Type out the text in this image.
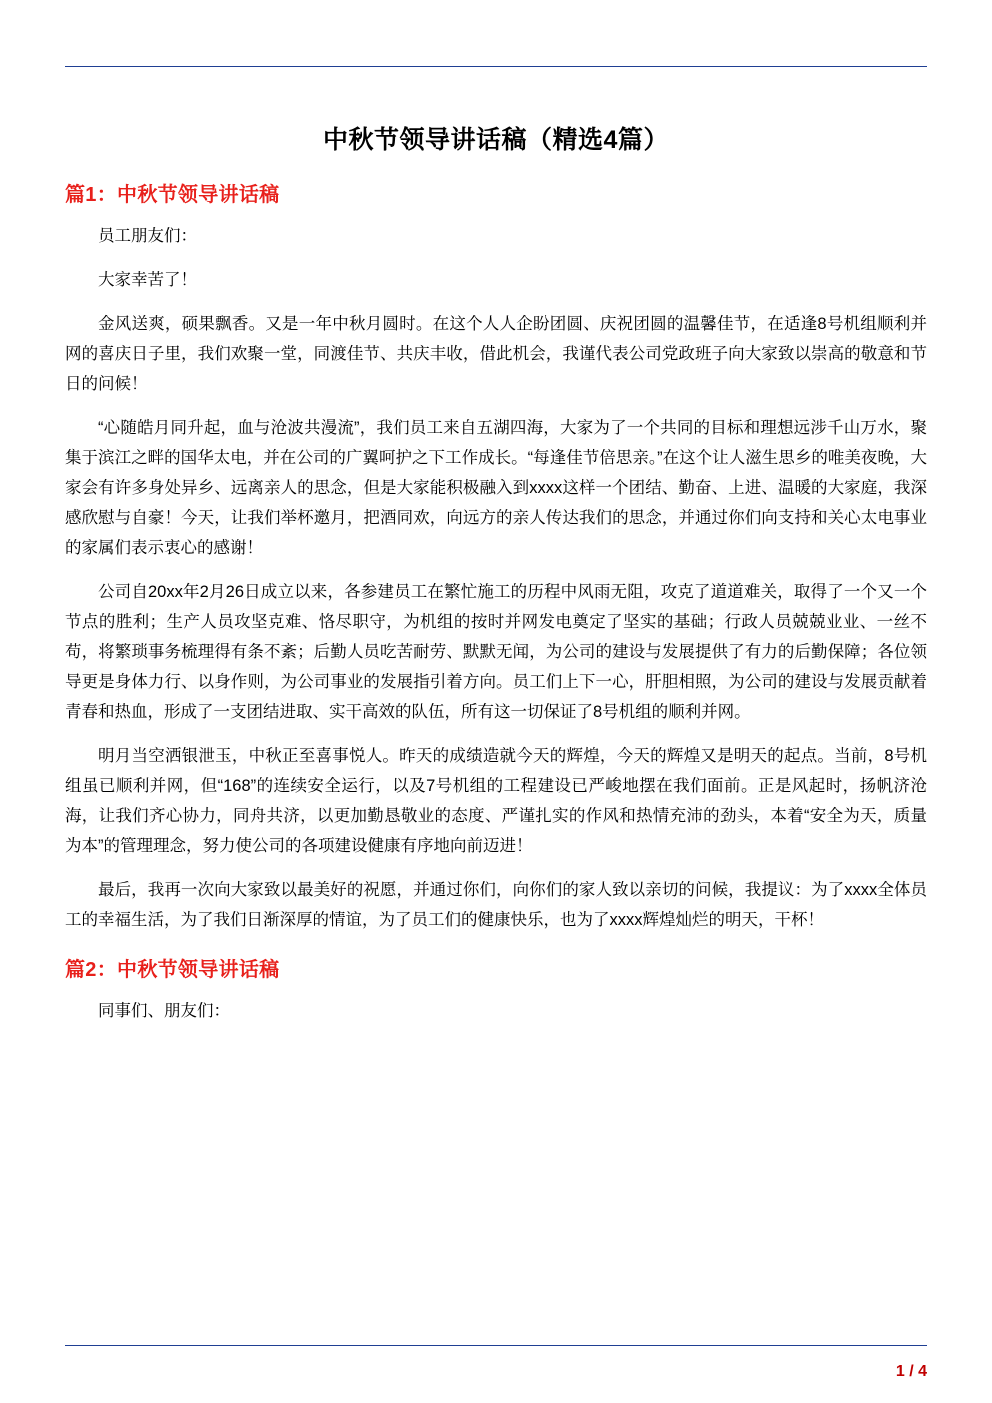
中秋节领导讲话稿（精选4篇）
篇1：中秋节领导讲话稿

员工朋友们：

大家幸苦了！

金风送爽，硕果飘香。又是一年中秋月圆时。在这个人人企盼团圆、庆祝团圆的温馨佳节，在适逢8号机组顺利并网的喜庆日子里，我们欢聚一堂，同渡佳节、共庆丰收，借此机会，我谨代表公司党政班子向大家致以崇高的敬意和节日的问候！

“心随皓月同升起，血与沧波共漫流”，我们员工来自五湖四海，大家为了一个共同的目标和理想远涉千山万水，聚集于滨江之畔的国华太电，并在公司的广翼呵护之下工作成长。“每逢佳节倍思亲。”在这个让人滋生思乡的唯美夜晚，大家会有许多身处异乡、远离亲人的思念，但是大家能积极融入到xxxx这样一个团结、勤奋、上进、温暖的大家庭，我深感欣慰与自豪！今天，让我们举杯邀月，把酒同欢，向远方的亲人传达我们的思念，并通过你们向支持和关心太电事业的家属们表示衷心的感谢！

公司自20xx年2月26日成立以来，各参建员工在繁忙施工的历程中风雨无阻，攻克了道道难关，取得了一个又一个节点的胜利；生产人员攻坚克难、恪尽职守，为机组的按时并网发电奠定了坚实的基础；行政人员兢兢业业、一丝不苟，将繁琐事务梳理得有条不紊；后勤人员吃苦耐劳、默默无闻，为公司的建设与发展提供了有力的后勤保障；各位领导更是身体力行、以身作则，为公司事业的发展指引着方向。员工们上下一心，肝胆相照，为公司的建设与发展贡献着青春和热血，形成了一支团结进取、实干高效的队伍，所有这一切保证了8号机组的顺利并网。

明月当空洒银泄玉，中秋正至喜事悦人。昨天的成绩造就今天的辉煌，今天的辉煌又是明天的起点。当前，8号机组虽已顺利并网，但“168”的连续安全运行，以及7号机组的工程建设已严峻地摆在我们面前。正是风起时，扬帆济沧海，让我们齐心协力，同舟共济，以更加勤恳敬业的态度、严谨扎实的作风和热情充沛的劲头，本着“安全为天，质量为本”的管理理念，努力使公司的各项建设健康有序地向前迈进！

最后，我再一次向大家致以最美好的祝愿，并通过你们，向你们的家人致以亲切的问候，我提议：为了xxxx全体员工的幸福生活，为了我们日渐深厚的情谊，为了员工们的健康快乐，也为了xxxx辉煌灿烂的明天，干杯！

篇2：中秋节领导讲话稿

同事们、朋友们：

1 / 4
